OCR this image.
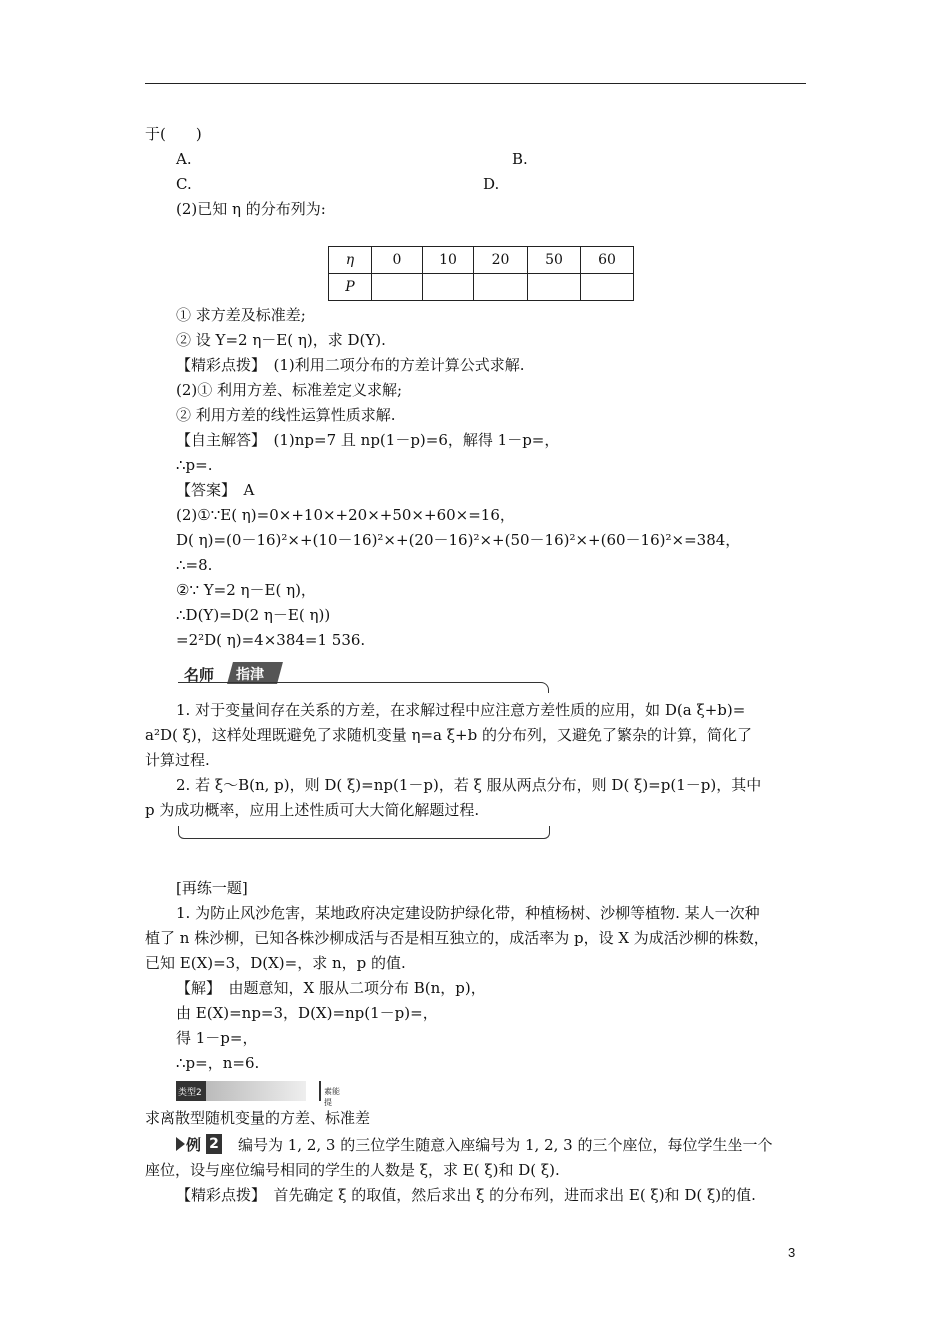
于(　　)
A.	B.
C.	D.
(2)已知 η 的分布列为:
η	0	10	20	50	60
P					
① 求方差及标准差;
② 设 Y=2 η－E( η)，求 D(Y).
【精彩点拨】　(1)利用二项分布的方差计算公式求解.
(2)① 利用方差、标准差定义求解;
② 利用方差的线性运算性质求解.
【自主解答】　(1)np=7 且 np(1－p)=6，解得 1－p=，
∴p=.
【答案】　A
(2)①∵E( η)=0×+10×+20×+50×+60×=16，
D( η)=(0－16)²×+(10－16)²×+(20－16)²×+(50－16)²×+(60－16)²×=384，
∴=8.
②∵ Y=2 η－E( η)，
∴D(Y)=D(2 η－E( η))
=2²D( η)=4×384=1 536.
名师 指津
1. 对于变量间存在关系的方差，在求解过程中应注意方差性质的应用，如 D(a ξ+b)=
a²D( ξ)，这样处理既避免了求随机变量 η=a ξ+b 的分布列，又避免了繁杂的计算，简化了
计算过程.
2. 若 ξ～B(n, p)，则 D( ξ)=np(1－p)，若 ξ 服从两点分布，则 D( ξ)=p(1－p)，其中
p 为成功概率，应用上述性质可大大简化解题过程.
[再练一题]
1. 为防止风沙危害，某地政府决定建设防护绿化带，种植杨树、沙柳等植物. 某人一次种
植了 n 株沙柳，已知各株沙柳成活与否是相互独立的，成活率为 p，设 X 为成活沙柳的株数，
已知 E(X)=3，D(X)=，求 n，p 的值.
【解】　由题意知，X 服从二项分布 B(n，p)，
由 E(X)=np=3，D(X)=np(1－p)=，
得 1－p=，
∴p=，n=6.
类型2	素能提
求离散型随机变量的方差、标准差
例 2 编号为 1, 2, 3 的三位学生随意入座编号为 1, 2, 3 的三个座位，每位学生坐一个
座位，设与座位编号相同的学生的人数是 ξ，求 E( ξ)和 D( ξ).
【精彩点拨】　首先确定 ξ 的取值，然后求出 ξ 的分布列，进而求出 E( ξ)和 D( ξ)的值.
3
